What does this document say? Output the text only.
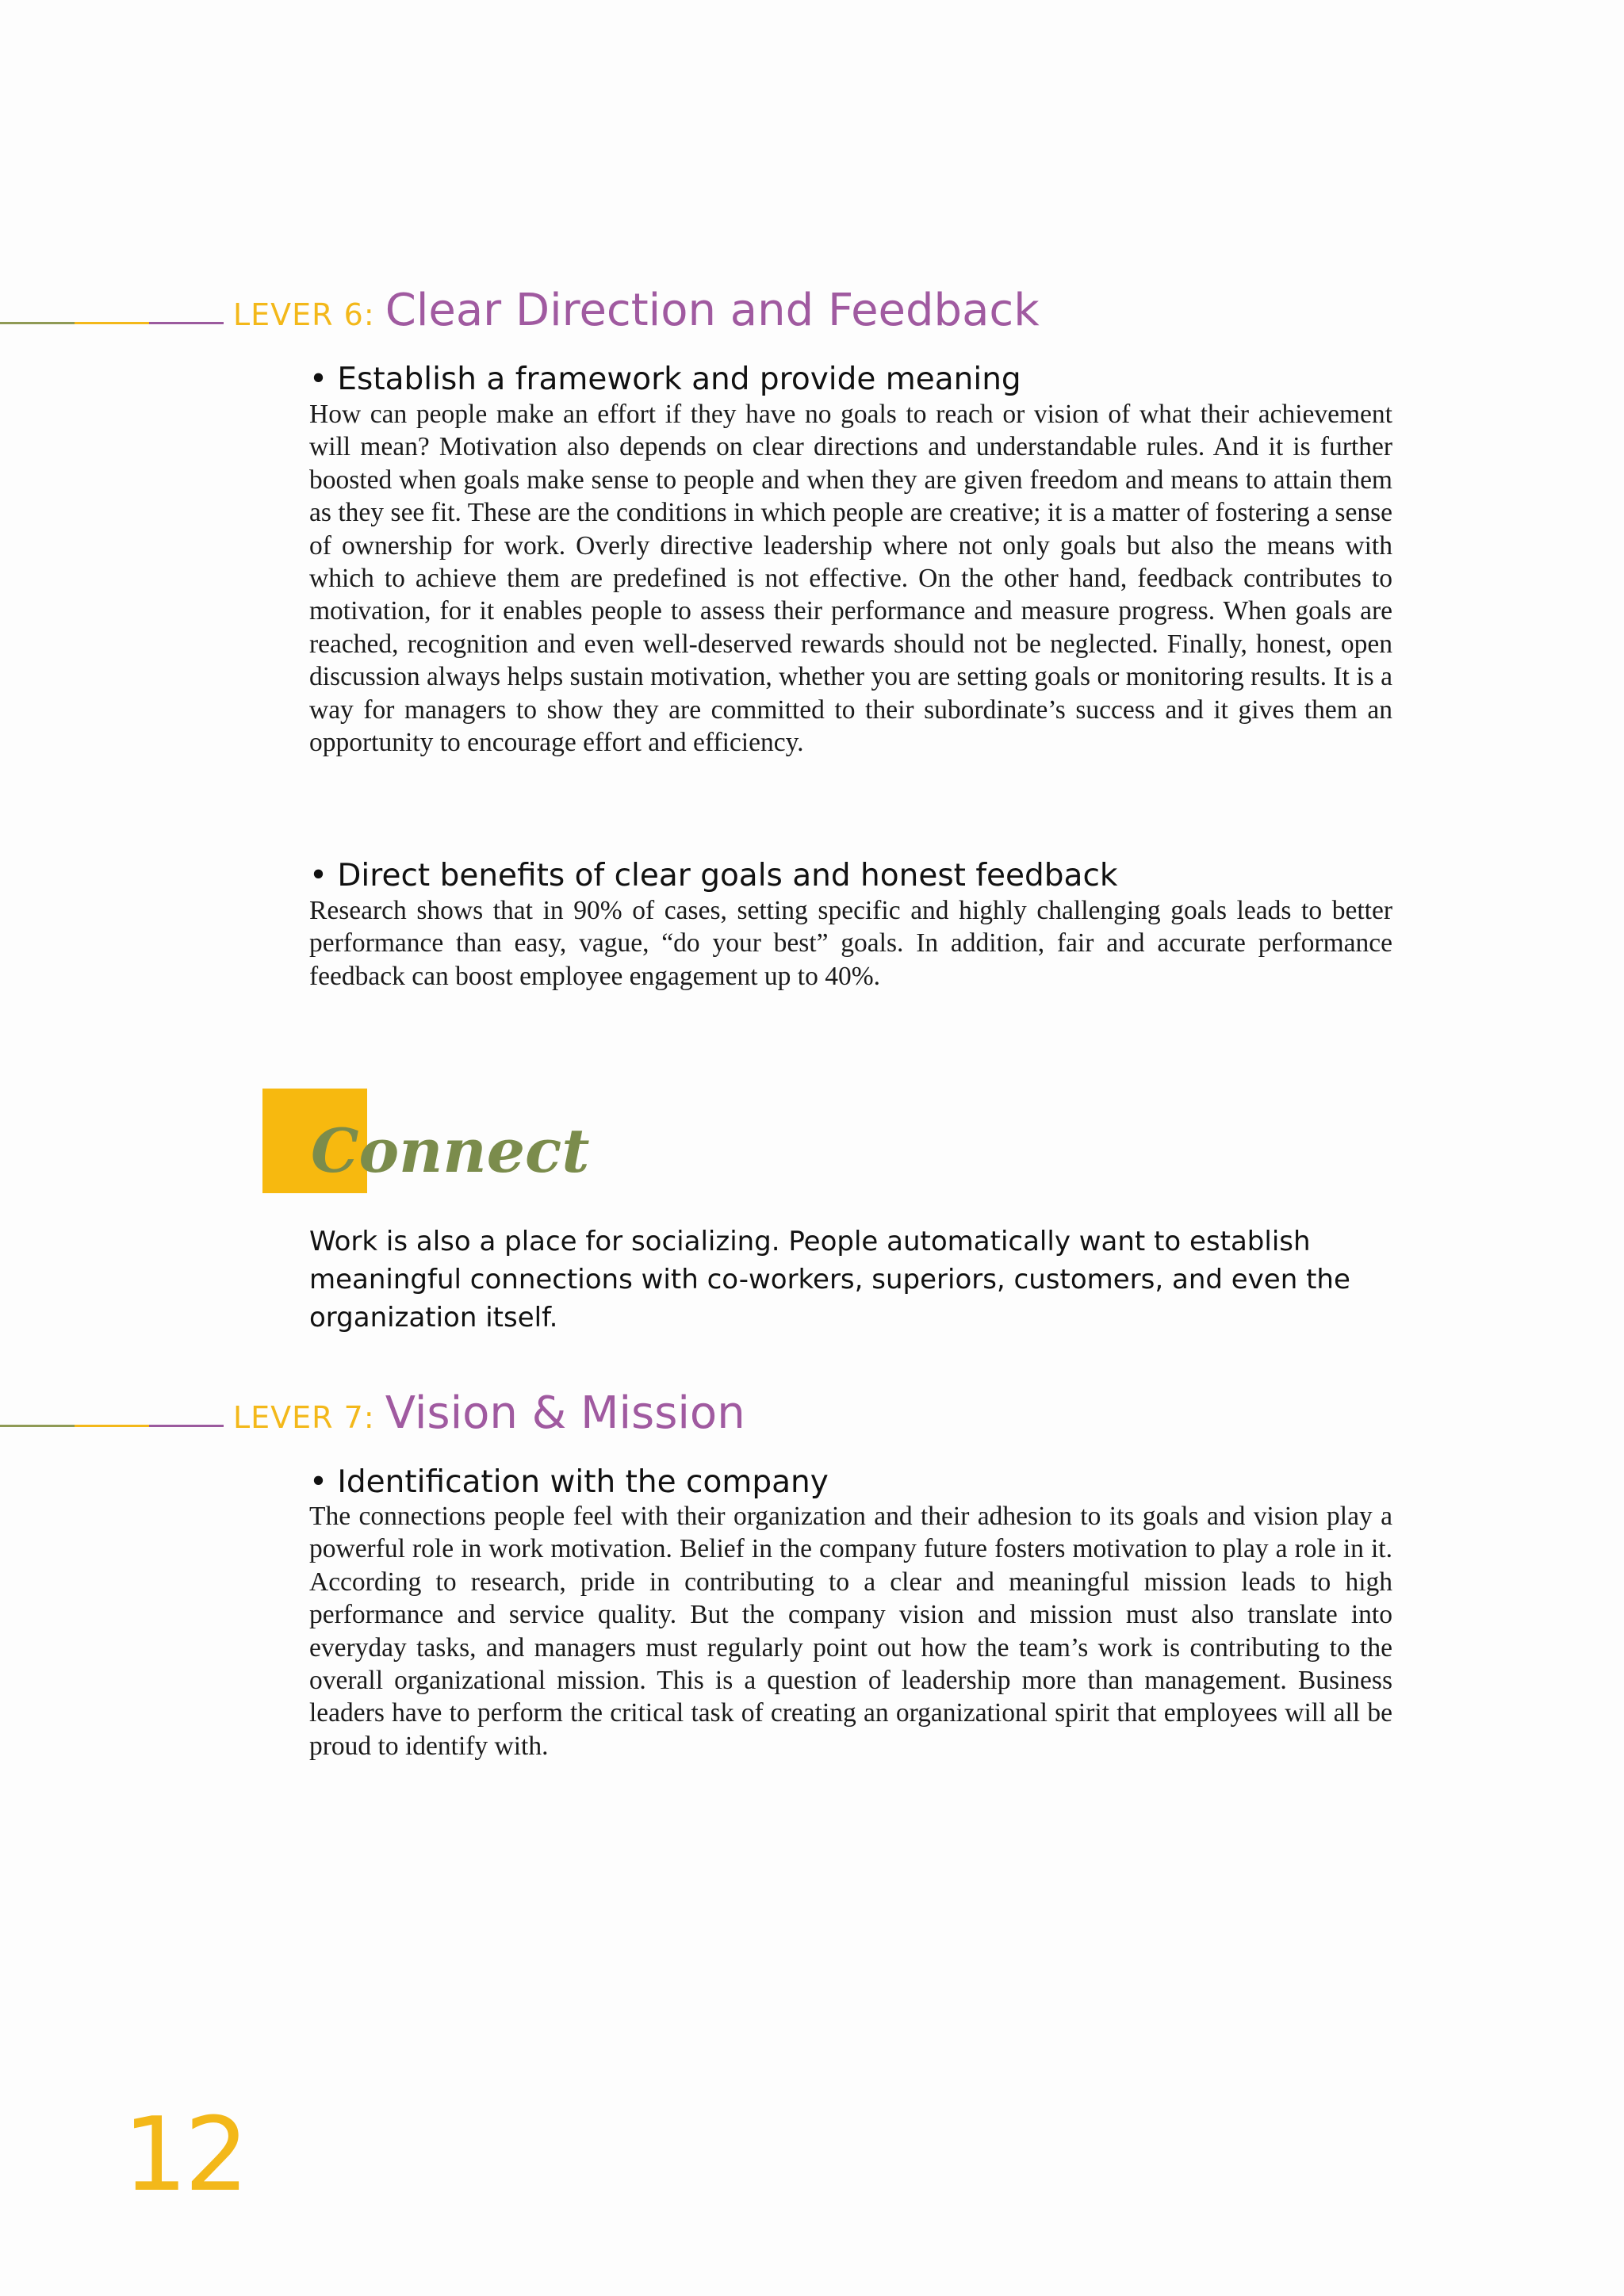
LEVER 6: Clear Direction and Feedback
• Establish a framework and provide meaning

How can people make an effort if they have no goals to reach or vision of what their achievement will mean? Motivation also depends on clear directions and understandable rules. And it is further boosted when goals make sense to people and when they are given freedom and means to attain them as they see fit. These are the conditions in which people are creative; it is a matter of fostering a sense of ownership for work. Overly directive leadership where not only goals but also the means with which to achieve them are predefined is not effective. On the other hand, feedback contributes to motivation, for it enables people to assess their performance and measure progress. When goals are reached, recognition and even well-deserved rewards should not be neglected. Finally, honest, open discussion always helps sustain motivation, whether you are setting goals or monitoring results. It is a way for managers to show they are committed to their subordinate’s success and it gives them an opportunity to encourage effort and efficiency.

• Direct benefits of clear goals and honest feedback

Research shows that in 90% of cases, setting specific and highly challenging goals leads to better performance than easy, vague, “do your best” goals. In addition, fair and accurate performance feedback can boost employee engagement up to 40%.

Connect

Work is also a place for socializing. People automatically want to establish meaningful connections with co-workers, superiors, customers, and even the organization itself.

LEVER 7: Vision & Mission
• Identification with the company

The connections people feel with their organization and their adhesion to its goals and vision play a powerful role in work motivation. Belief in the company future fosters motivation to play a role in it. According to research, pride in contributing to a clear and meaningful mission leads to high performance and service quality. But the company vision and mission must also translate into everyday tasks, and managers must regularly point out how the team’s work is contributing to the overall organizational mission. This is a question of leadership more than management. Business leaders have to perform the critical task of creating an organizational spirit that employees will all be proud to identify with.

12
